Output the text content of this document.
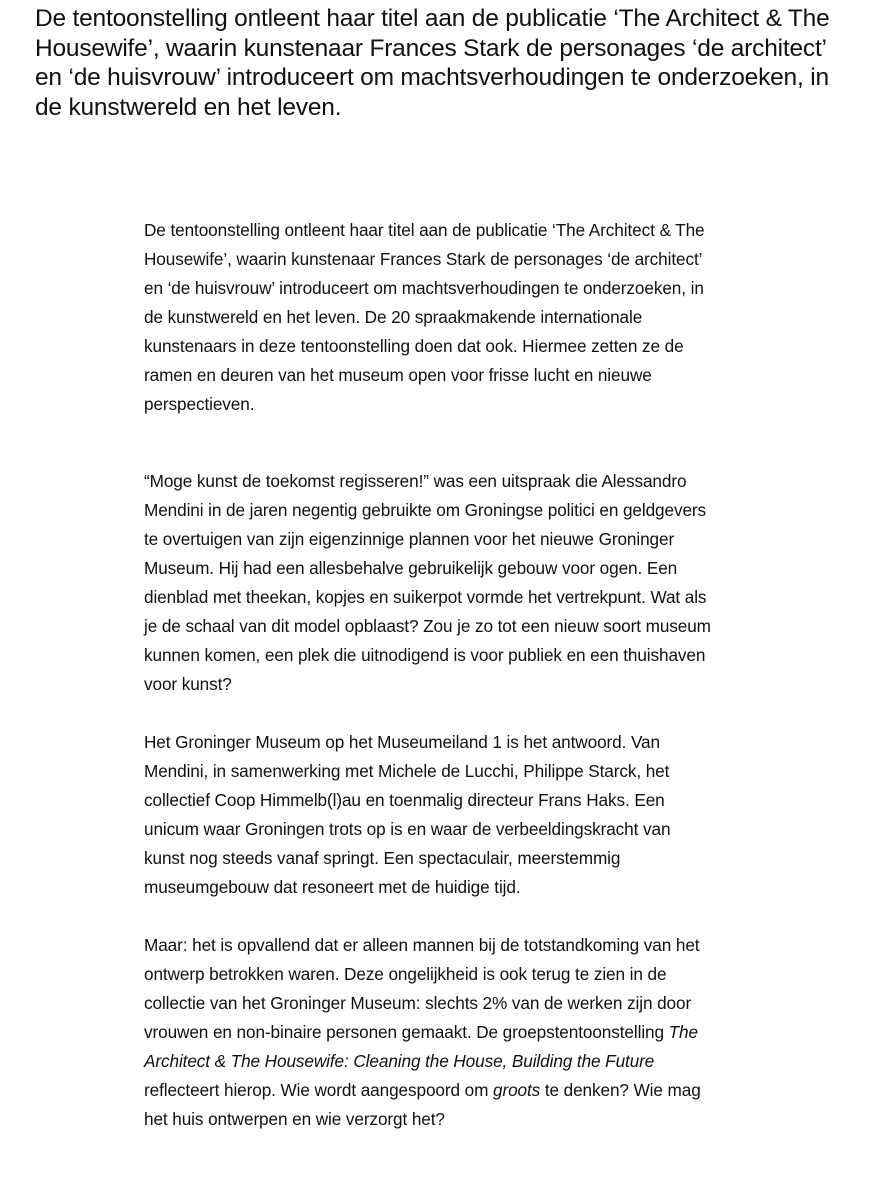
De tentoonstelling ontleent haar titel aan de publicatie ‘The Architect & The Housewife’, waarin kunstenaar Frances Stark de personages ‘de architect’ en ‘de huisvrouw’ introduceert om machtsverhoudingen te onderzoeken, in de kunstwereld en het leven.

De tentoonstelling ontleent haar titel aan de publicatie ‘The Architect & The Housewife’, waarin kunstenaar Frances Stark de personages ‘de architect’ en ‘de huisvrouw’ introduceert om machtsverhoudingen te onderzoeken, in de kunstwereld en het leven. De 20 spraakmakende internationale kunstenaars in deze tentoonstelling doen dat ook. Hiermee zetten ze de ramen en deuren van het museum open voor frisse lucht en nieuwe perspectieven.

“Moge kunst de toekomst regisseren!” was een uitspraak die Alessandro Mendini in de jaren negentig gebruikte om Groningse politici en geldgevers te overtuigen van zijn eigenzinnige plannen voor het nieuwe Groninger Museum. Hij had een allesbehalve gebruikelijk gebouw voor ogen. Een dienblad met theekan, kopjes en suikerpot vormde het vertrekpunt. Wat als je de schaal van dit model opblaast? Zou je zo tot een nieuw soort museum kunnen komen, een plek die uitnodigend is voor publiek en een thuishaven voor kunst?

Het Groninger Museum op het Museumeiland 1 is het antwoord. Van Mendini, in samenwerking met Michele de Lucchi, Philippe Starck, het collectief Coop Himmelb(l)au en toenmalig directeur Frans Haks. Een unicum waar Groningen trots op is en waar de verbeeldingskracht van kunst nog steeds vanaf springt. Een spectaculair, meerstemmig museumgebouw dat resoneert met de huidige tijd.

Maar: het is opvallend dat er alleen mannen bij de totstandkoming van het ontwerp betrokken waren. Deze ongelijkheid is ook terug te zien in de collectie van het Groninger Museum: slechts 2% van de werken zijn door vrouwen en non-binaire personen gemaakt. De groepstentoonstelling The Architect & The Housewife: Cleaning the House, Building the Future reflecteert hierop. Wie wordt aangespoord om groots te denken? Wie mag het huis ontwerpen en wie verzorgt het?
